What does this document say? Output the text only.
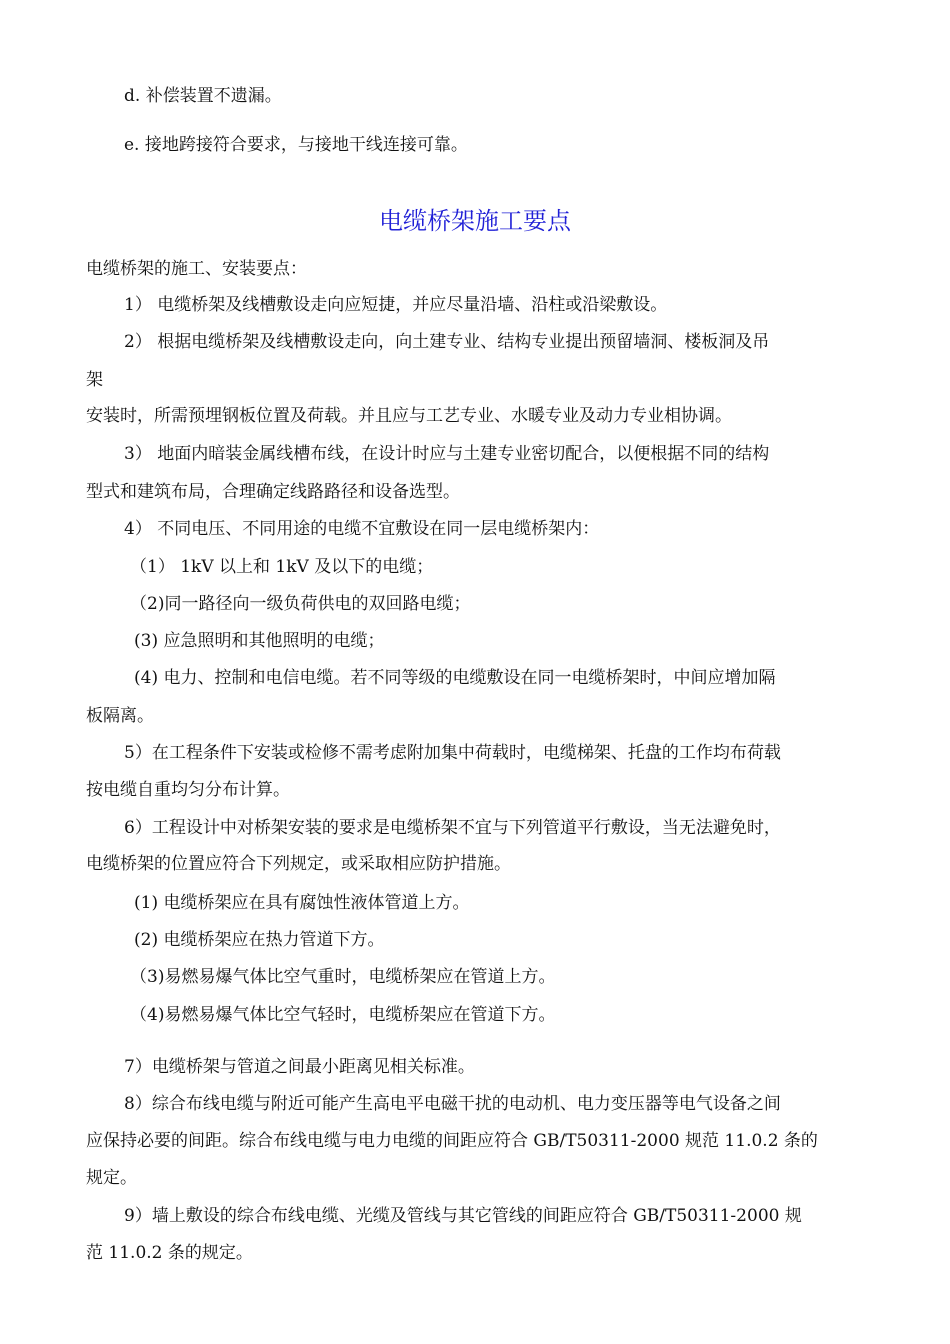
d. 补偿装置不遗漏。
e. 接地跨接符合要求，与接地干线连接可靠。
电缆桥架施工要点
电缆桥架的施工、安装要点：
1） 电缆桥架及线槽敷设走向应短捷，并应尽量沿墙、沿柱或沿梁敷设。
2） 根据电缆桥架及线槽敷设走向，向土建专业、结构专业提出预留墙洞、楼板洞及吊
架
安装时，所需预埋钢板位置及荷载。并且应与工艺专业、水暖专业及动力专业相协调。
3） 地面内暗装金属线槽布线，在设计时应与土建专业密切配合，以便根据不同的结构
型式和建筑布局，合理确定线路路径和设备选型。
4） 不同电压、不同用途的电缆不宜敷设在同一层电缆桥架内：
（1） 1kV 以上和 1kV 及以下的电缆；
（2)同一路径向一级负荷供电的双回路电缆；
(3) 应急照明和其他照明的电缆；
(4) 电力、控制和电信电缆。若不同等级的电缆敷设在同一电缆桥架时，中间应增加隔
板隔离。
5）在工程条件下安装或检修不需考虑附加集中荷载时，电缆梯架、托盘的工作均布荷载
按电缆自重均匀分布计算。
6）工程设计中对桥架安装的要求是电缆桥架不宜与下列管道平行敷设，当无法避免时，
电缆桥架的位置应符合下列规定，或采取相应防护措施。
(1) 电缆桥架应在具有腐蚀性液体管道上方。
(2) 电缆桥架应在热力管道下方。
（3)易燃易爆气体比空气重时，电缆桥架应在管道上方。
（4)易燃易爆气体比空气轻时，电缆桥架应在管道下方。
7）电缆桥架与管道之间最小距离见相关标准。
8）综合布线电缆与附近可能产生高电平电磁干扰的电动机、电力变压器等电气设备之间
应保持必要的间距。综合布线电缆与电力电缆的间距应符合 GB/T50311-2000 规范 11.0.2 条的
规定。
9）墙上敷设的综合布线电缆、光缆及管线与其它管线的间距应符合 GB/T50311-2000 规
范 11.0.2 条的规定。
